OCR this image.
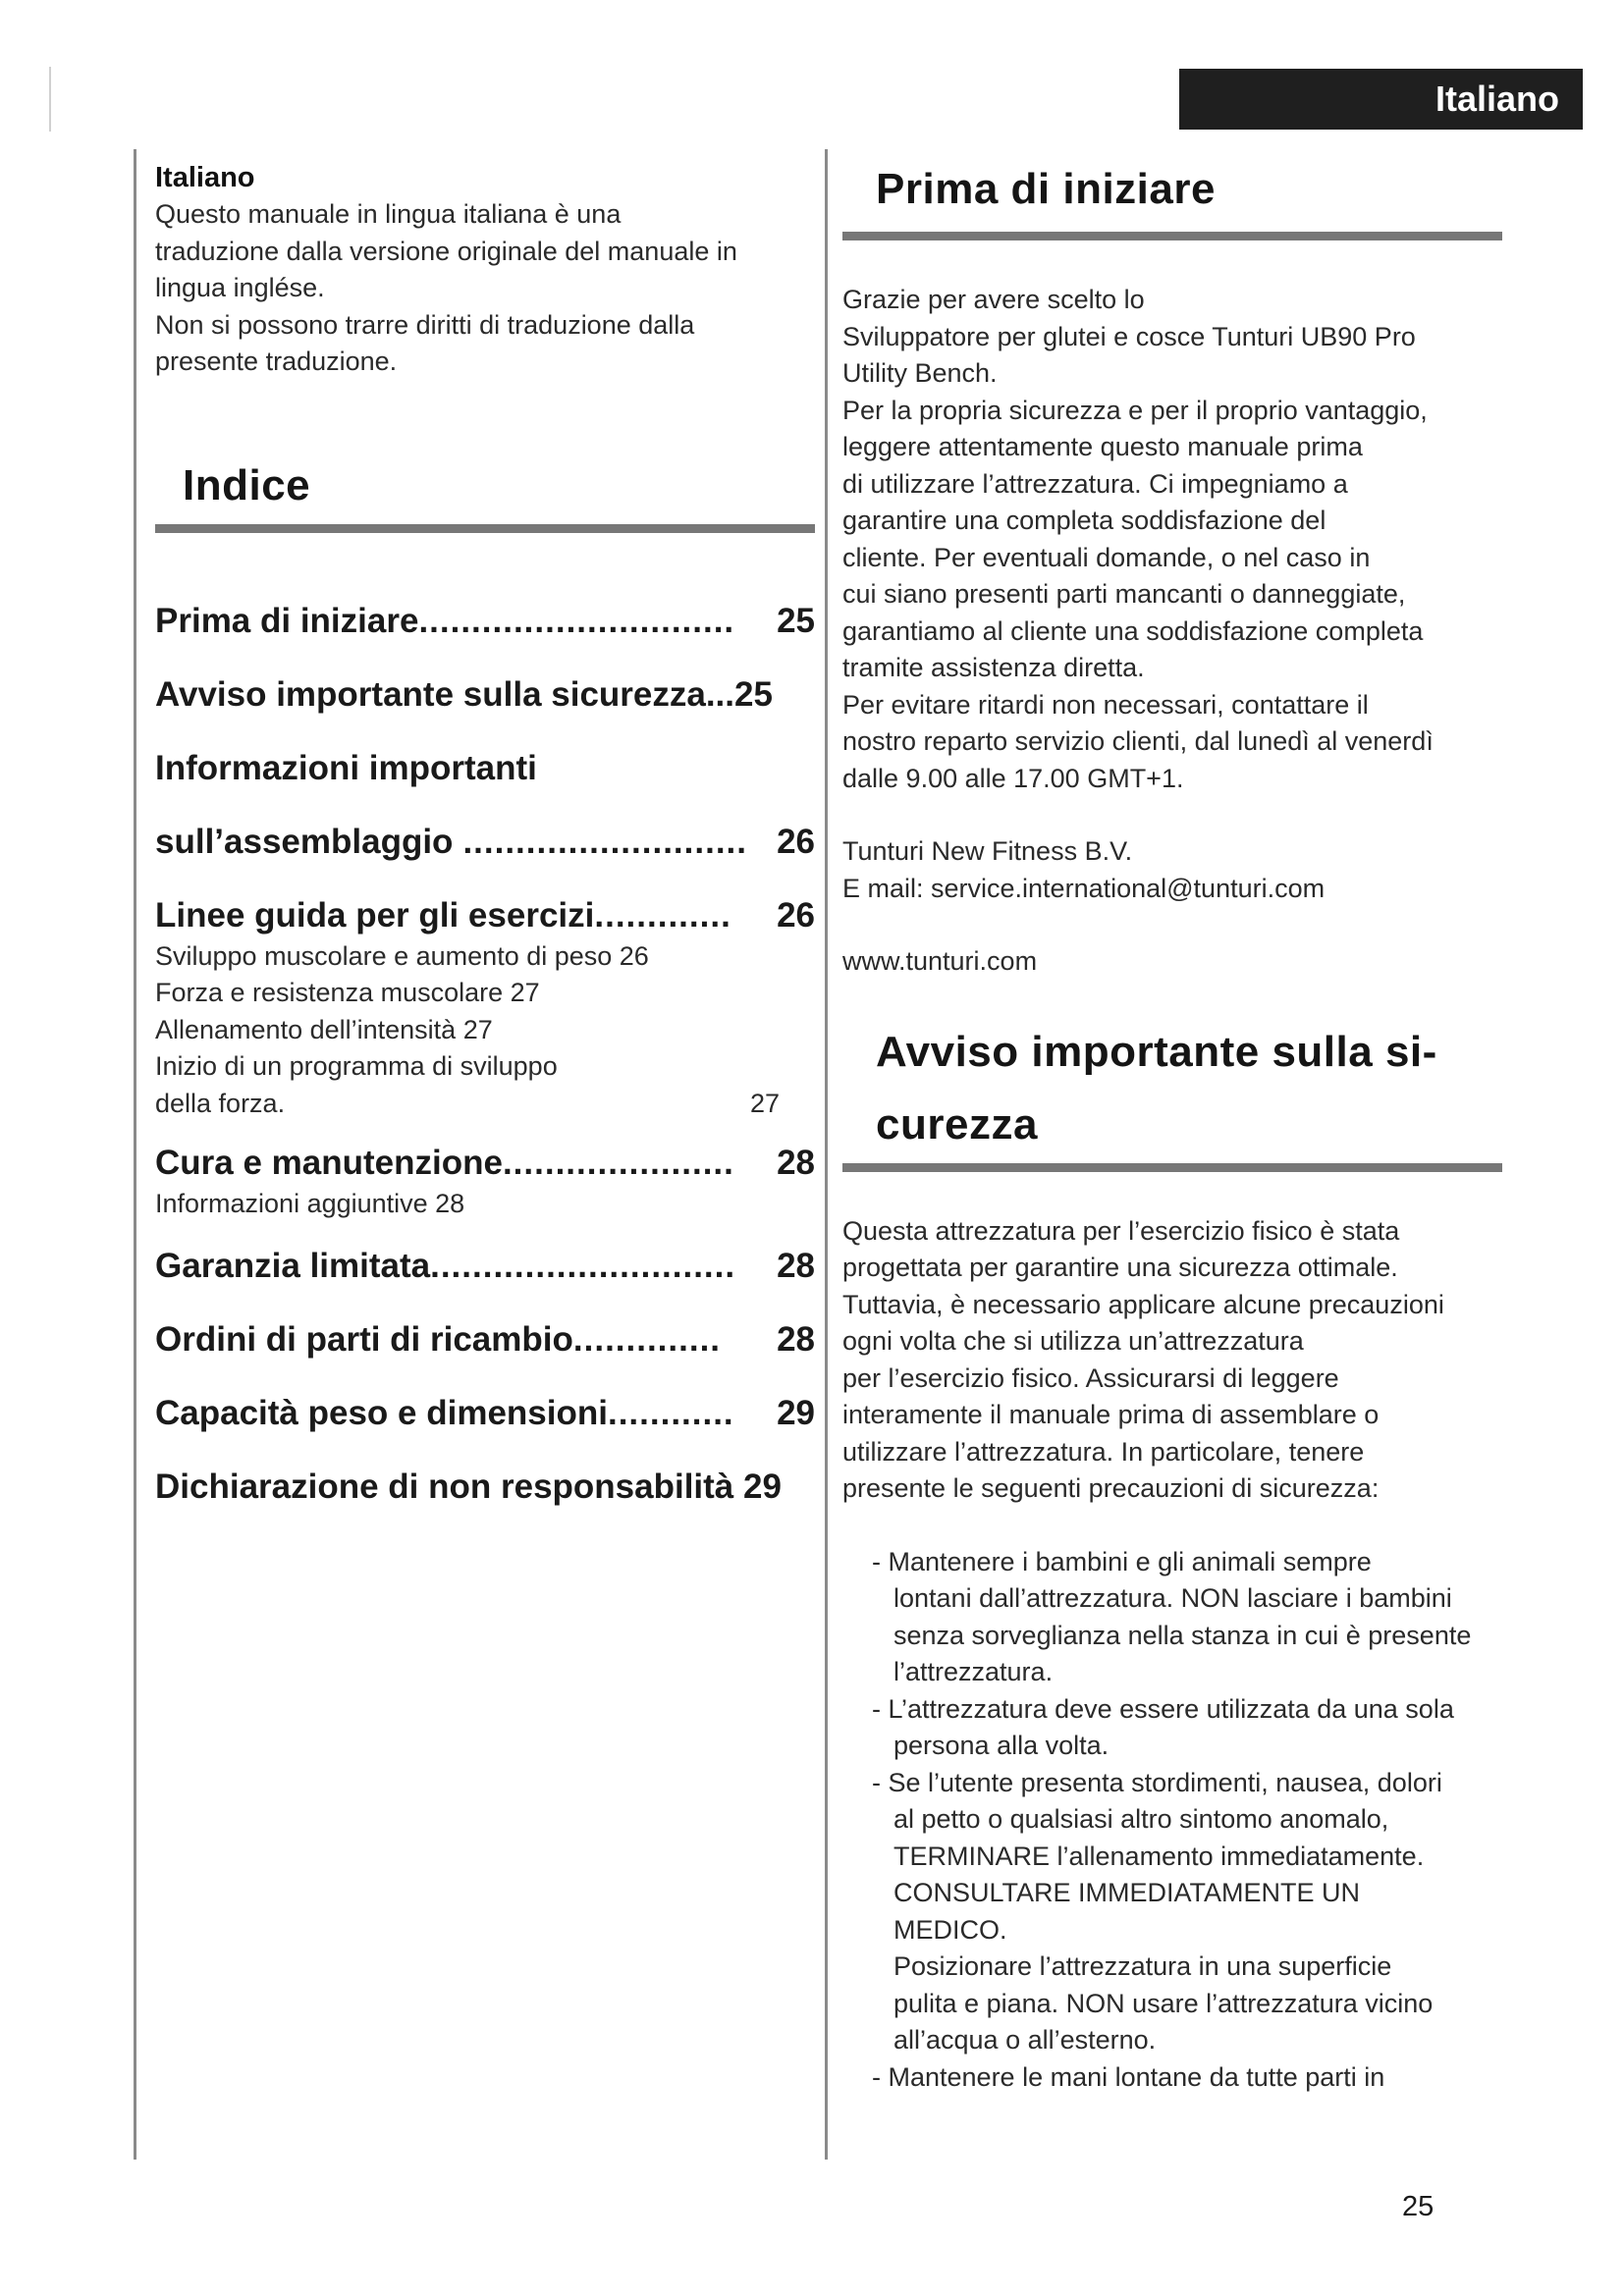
Italiano
Italiano
Questo manuale in lingua italiana è una
traduzione dalla versione originale del manuale in
lingua inglése.
Non si possono trarre diritti di traduzione dalla
presente traduzione.
Indice
Prima di iniziare ..............................	25
Avviso importante sulla sicurezza...25
Informazioni importanti
sull’assemblaggio ........................... 26
Linee guida per gli esercizi .............	26
Sviluppo muscolare e aumento di peso 26
Forza e resistenza muscolare 27
Allenamento dell’intensità 27
Inizio di un programma di sviluppo
della forza.	27
Cura e manutenzione ......................	28
Informazioni aggiuntive 28
Garanzia limitata .............................	28
Ordini di parti di ricambio ..............	28
Capacità peso e dimensioni ............	29
Dichiarazione di non responsabilità 29
Prima di iniziare
Grazie per avere scelto lo
Sviluppatore per glutei e cosce Tunturi UB90 Pro
Utility Bench.
Per la propria sicurezza e per il proprio vantaggio,
leggere attentamente questo manuale prima
di utilizzare l’attrezzatura. Ci impegniamo a
garantire una completa soddisfazione del
cliente. Per eventuali domande, o nel caso in
cui siano presenti parti mancanti o danneggiate,
garantiamo al cliente una soddisfazione completa
tramite assistenza diretta.
Per evitare ritardi non necessari, contattare il
nostro reparto servizio clienti, dal lunedì al venerdì
dalle 9.00 alle 17.00 GMT+1.
Tunturi New Fitness B.V.
E mail: service.international@tunturi.com
www.tunturi.com
Avviso importante sulla si-
curezza
Questa attrezzatura per l’esercizio fisico è stata
progettata per garantire una sicurezza ottimale.
Tuttavia, è necessario applicare alcune precauzioni
ogni volta che si utilizza un’attrezzatura
per l’esercizio fisico. Assicurarsi di leggere
interamente il manuale prima di assemblare o
utilizzare l’attrezzatura. In particolare, tenere
presente le seguenti precauzioni di sicurezza:
- Mantenere i bambini e gli animali sempre
lontani dall’attrezzatura. NON lasciare i bambini
senza sorveglianza nella stanza in cui è presente
l’attrezzatura.
- L’attrezzatura deve essere utilizzata da una sola
persona alla volta.
- Se l’utente presenta stordimenti, nausea, dolori
al petto o qualsiasi altro sintomo anomalo,
TERMINARE l’allenamento immediatamente.
CONSULTARE IMMEDIATAMENTE UN
MEDICO.
Posizionare l’attrezzatura in una superficie
pulita e piana. NON usare l’attrezzatura vicino
all’acqua o all’esterno.
- Mantenere le mani lontane da tutte parti in
25
